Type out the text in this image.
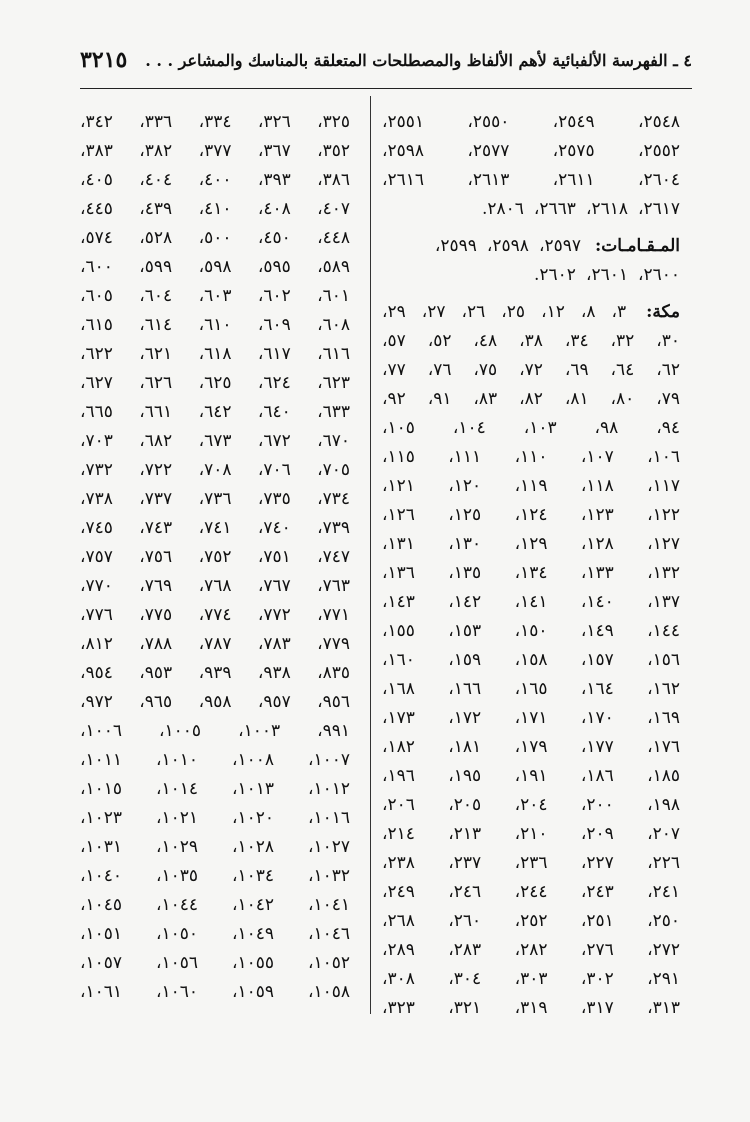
٣٢١٥ ٤ ـ الفهرسة الألفبائية لأهم الألفاظ والمصطلحات المتعلقة بالمناسك والمشاعر . . .
٢٥٤٨،
٢٥٤٩،
٢٥٥٠،
٢٥٥١،
٢٥٥٢،
٢٥٧٥،
٢٥٧٧،
٢٥٩٨،
٢٦٠٤،
٢٦١١،
٢٦١٣،
٢٦١٦،
٢٦١٧،
٢٦١٨،
٢٦٦٣،
٢٨٠٦.
المـقـامـات:
٢٥٩٧،
٢٥٩٨،
٢٥٩٩،
٢٦٠٠،
٢٦٠١،
٢٦٠٢.
مكة:
٣،
٨،
١٢،
٢٥،
٢٦،
٢٧،
٢٩،
٣٠،
٣٢،
٣٤،
٣٨،
٤٨،
٥٢،
٥٧،
٦٢،
٦٤،
٦٩،
٧٢،
٧٥،
٧٦،
٧٧،
٧٩،
٨٠،
٨١،
٨٢،
٨٣،
٩١،
٩٢،
٩٤،
٩٨،
١٠٣،
١٠٤،
١٠٥،
١٠٦،
١٠٧،
١١٠،
١١١،
١١٥،
١١٧،
١١٨،
١١٩،
١٢٠،
١٢١،
١٢٢،
١٢٣،
١٢٤،
١٢٥،
١٢٦،
١٢٧،
١٢٨،
١٢٩،
١٣٠،
١٣١،
١٣٢،
١٣٣،
١٣٤،
١٣٥،
١٣٦،
١٣٧،
١٤٠،
١٤١،
١٤٢،
١٤٣،
١٤٤،
١٤٩،
١٥٠،
١٥٣،
١٥٥،
١٥٦،
١٥٧،
١٥٨،
١٥٩،
١٦٠،
١٦٢،
١٦٤،
١٦٥،
١٦٦،
١٦٨،
١٦٩،
١٧٠،
١٧١،
١٧٢،
١٧٣،
١٧٦،
١٧٧،
١٧٩،
١٨١،
١٨٢،
١٨٥،
١٨٦،
١٩١،
١٩٥،
١٩٦،
١٩٨،
٢٠٠،
٢٠٤،
٢٠٥،
٢٠٦،
٢٠٧،
٢٠٩،
٢١٠،
٢١٣،
٢١٤،
٢٢٦،
٢٢٧،
٢٣٦،
٢٣٧،
٢٣٨،
٢٤١،
٢٤٣،
٢٤٤،
٢٤٦،
٢٤٩،
٢٥٠،
٢٥١،
٢٥٢،
٢٦٠،
٢٦٨،
٢٧٢،
٢٧٦،
٢٨٢،
٢٨٣،
٢٨٩،
٢٩١،
٣٠٢،
٣٠٣،
٣٠٤،
٣٠٨،
٣١٣،
٣١٧،
٣١٩،
٣٢١،
٣٢٣،
٣٢٥،
٣٢٦،
٣٣٤،
٣٣٦،
٣٤٢،
٣٥٢،
٣٦٧،
٣٧٧،
٣٨٢،
٣٨٣،
٣٨٦،
٣٩٣،
٤٠٠،
٤٠٤،
٤٠٥،
٤٠٧،
٤٠٨،
٤١٠،
٤٣٩،
٤٤٥،
٤٤٨،
٤٥٠،
٥٠٠،
٥٢٨،
٥٧٤،
٥٨٩،
٥٩٥،
٥٩٨،
٥٩٩،
٦٠٠،
٦٠١،
٦٠٢،
٦٠٣،
٦٠٤،
٦٠٥،
٦٠٨،
٦٠٩،
٦١٠،
٦١٤،
٦١٥،
٦١٦،
٦١٧،
٦١٨،
٦٢١،
٦٢٢،
٦٢٣،
٦٢٤،
٦٢٥،
٦٢٦،
٦٢٧،
٦٣٣،
٦٤٠،
٦٤٢،
٦٦١،
٦٦٥،
٦٧٠،
٦٧٢،
٦٧٣،
٦٨٢،
٧٠٣،
٧٠٥،
٧٠٦،
٧٠٨،
٧٢٢،
٧٣٢،
٧٣٤،
٧٣٥،
٧٣٦،
٧٣٧،
٧٣٨،
٧٣٩،
٧٤٠،
٧٤١،
٧٤٣،
٧٤٥،
٧٤٧،
٧٥١،
٧٥٢،
٧٥٦،
٧٥٧،
٧٦٣،
٧٦٧،
٧٦٨،
٧٦٩،
٧٧٠،
٧٧١،
٧٧٢،
٧٧٤،
٧٧٥،
٧٧٦،
٧٧٩،
٧٨٣،
٧٨٧،
٧٨٨،
٨١٢،
٨٣٥،
٩٣٨،
٩٣٩،
٩٥٣،
٩٥٤،
٩٥٦،
٩٥٧،
٩٥٨،
٩٦٥،
٩٧٢،
٩٩١،
١٠٠٣،
١٠٠٥،
١٠٠٦،
١٠٠٧،
١٠٠٨،
١٠١٠،
١٠١١،
١٠١٢،
١٠١٣،
١٠١٤،
١٠١٥،
١٠١٦،
١٠٢٠،
١٠٢١،
١٠٢٣،
١٠٢٧،
١٠٢٨،
١٠٢٩،
١٠٣١،
١٠٣٢،
١٠٣٤،
١٠٣٥،
١٠٤٠،
١٠٤١،
١٠٤٢،
١٠٤٤،
١٠٤٥،
١٠٤٦،
١٠٤٩،
١٠٥٠،
١٠٥١،
١٠٥٢،
١٠٥٥،
١٠٥٦،
١٠٥٧،
١٠٥٨،
١٠٥٩،
١٠٦٠،
١٠٦١،
